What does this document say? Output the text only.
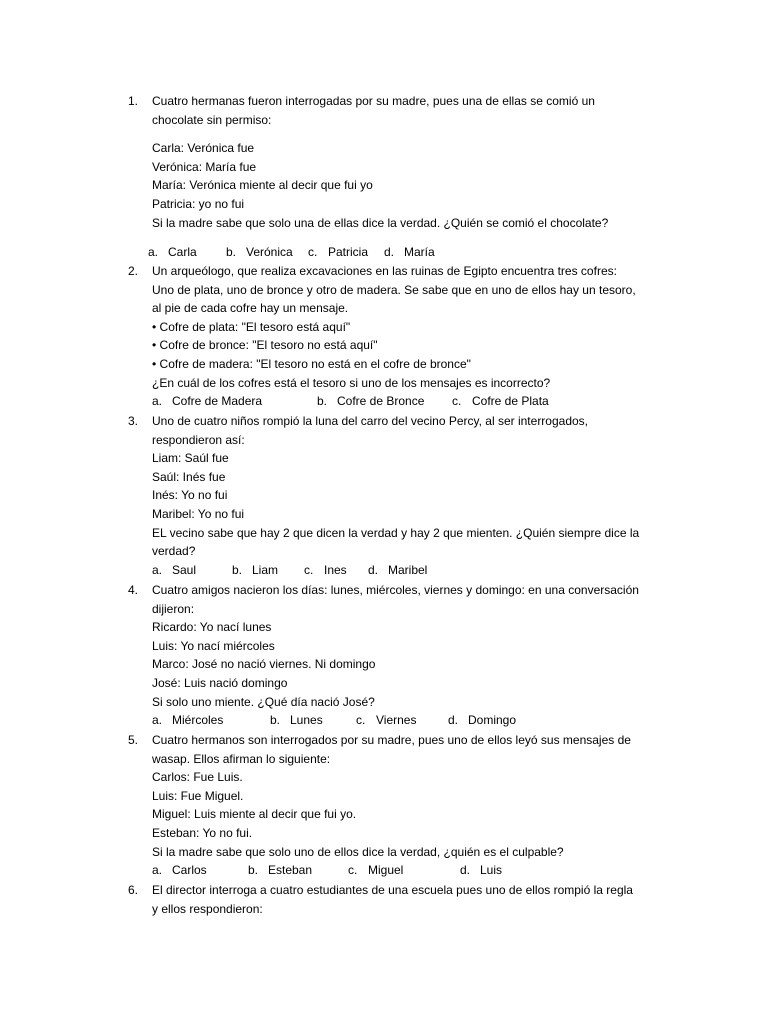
1.	Cuatro hermanas fueron interrogadas por su madre, pues una de ellas se comió un
chocolate sin permiso:
Carla: Verónica fue
Verónica: María fue
María: Verónica miente al decir que fui yo
Patricia: yo no fui
Si la madre sabe que solo una de ellas dice la verdad. ¿Quién se comió el chocolate?
a. Carla b. Verónica c. Patricia d. María
2.	Un arqueólogo, que realiza excavaciones en las ruinas de Egipto encuentra tres cofres:
Uno de plata, uno de bronce y otro de madera. Se sabe que en uno de ellos hay un tesoro,
al pie de cada cofre hay un mensaje.
• Cofre de plata: "El tesoro está aquí"
• Cofre de bronce: "El tesoro no está aquí"
• Cofre de madera: "El tesoro no está en el cofre de bronce"
¿En cuál de los cofres está el tesoro si uno de los mensajes es incorrecto?
a. Cofre de Madera	b. Cofre de Bronce c. Cofre de Plata
3.	Uno de cuatro niños rompió la luna del carro del vecino Percy, al ser interrogados,
respondieron así:
Liam: Saúl fue
Saúl: Inés fue
Inés: Yo no fui
Maribel: Yo no fui
EL vecino sabe que hay 2 que dicen la verdad y hay 2 que mienten. ¿Quién siempre dice la
verdad?
a. Saul	b. Liam c. Ines d. Maribel
4.	Cuatro amigos nacieron los días: lunes, miércoles, viernes y domingo: en una conversación
dijieron:
Ricardo: Yo nací lunes
Luis: Yo nací miércoles
Marco: José no nació viernes. Ni domingo
José: Luis nació domingo
Si solo uno miente. ¿Qué día nació José?
a. Miércoles	b. Lunes	c. Viernes	d. Domingo
5.	Cuatro hermanos son interrogados por su madre, pues uno de ellos leyó sus mensajes de
wasap. Ellos afirman lo siguiente:
Carlos: Fue Luis.
Luis: Fue Miguel.
Miguel: Luis miente al decir que fui yo.
Esteban: Yo no fui.
Si la madre sabe que solo uno de ellos dice la verdad, ¿quién es el culpable?
a. Carlos	b. Esteban	c. Miguel	d. Luis
6.	El director interroga a cuatro estudiantes de una escuela pues uno de ellos rompió la regla
y ellos respondieron:
